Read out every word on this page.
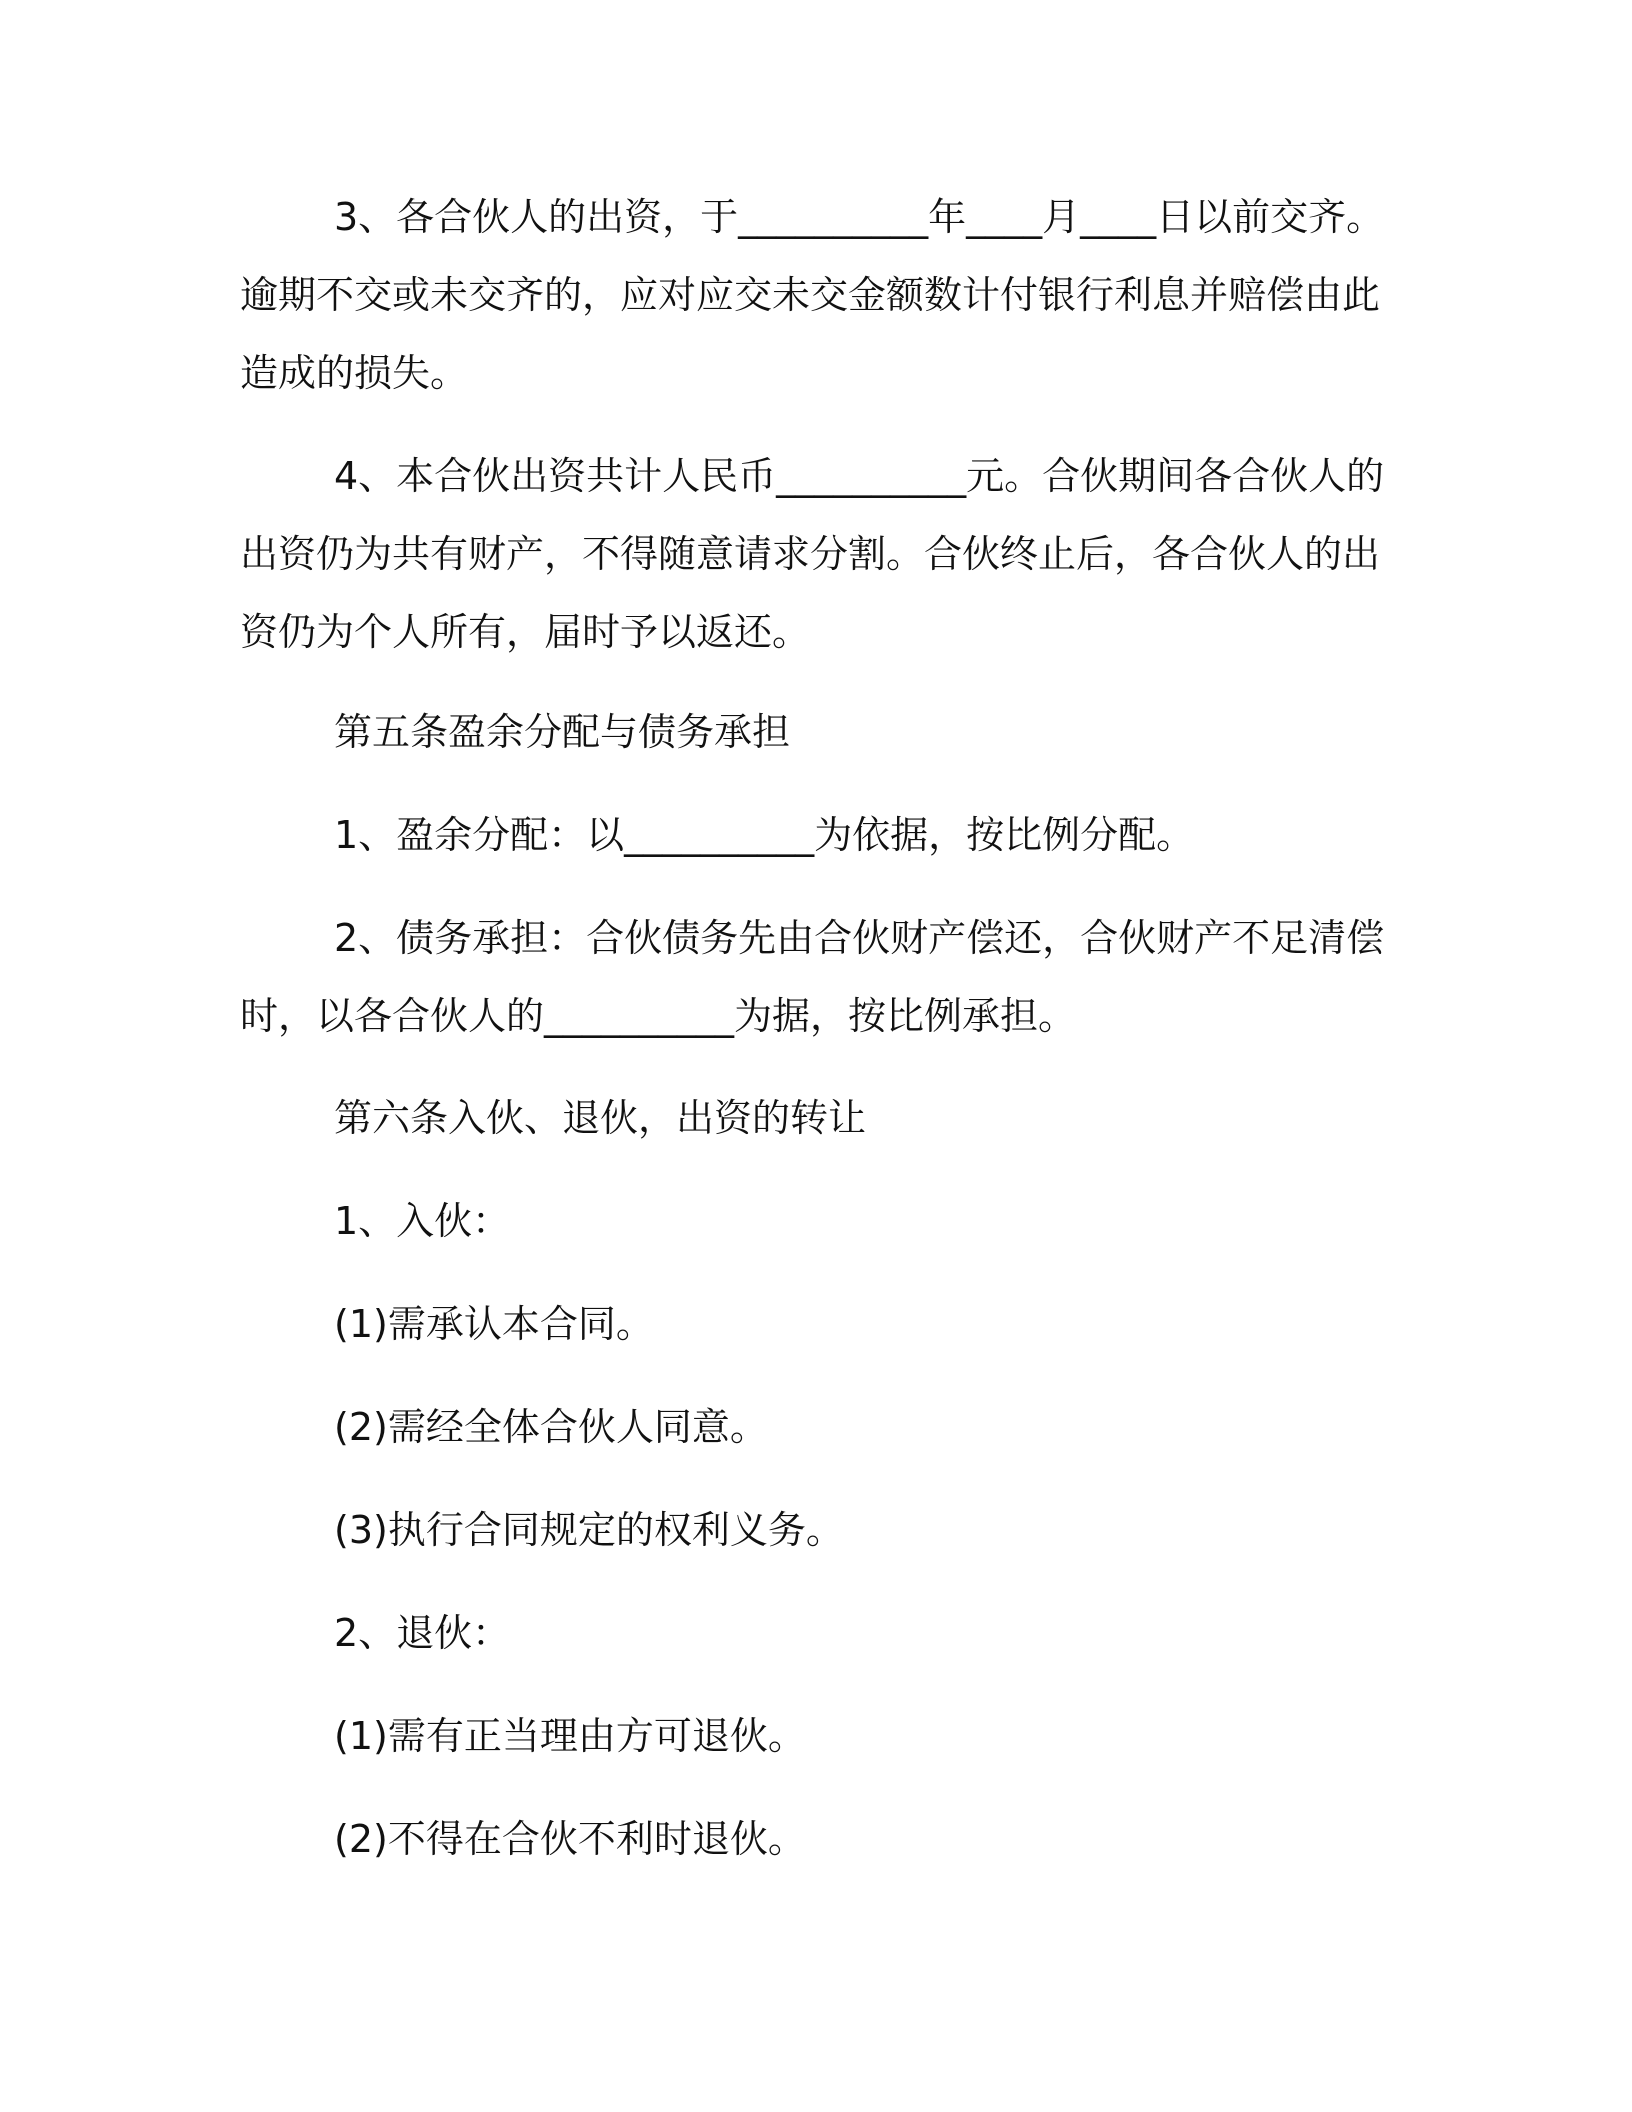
3、各合伙人的出资，于__________年____月____日以前交齐。
逾期不交或未交齐的，应对应交未交金额数计付银行利息并赔偿由此
造成的损失。
4、本合伙出资共计人民币__________元。合伙期间各合伙人的
出资仍为共有财产，不得随意请求分割。合伙终止后，各合伙人的出
资仍为个人所有，届时予以返还。

第五条盈余分配与债务承担

1、盈余分配：以__________为依据，按比例分配。

2、债务承担：合伙债务先由合伙财产偿还，合伙财产不足清偿
时，以各合伙人的__________为据，按比例承担。

第六条入伙、退伙，出资的转让

1、入伙：

(1)需承认本合同。

(2)需经全体合伙人同意。

(3)执行合同规定的权利义务。

2、退伙：

(1)需有正当理由方可退伙。

(2)不得在合伙不利时退伙。
